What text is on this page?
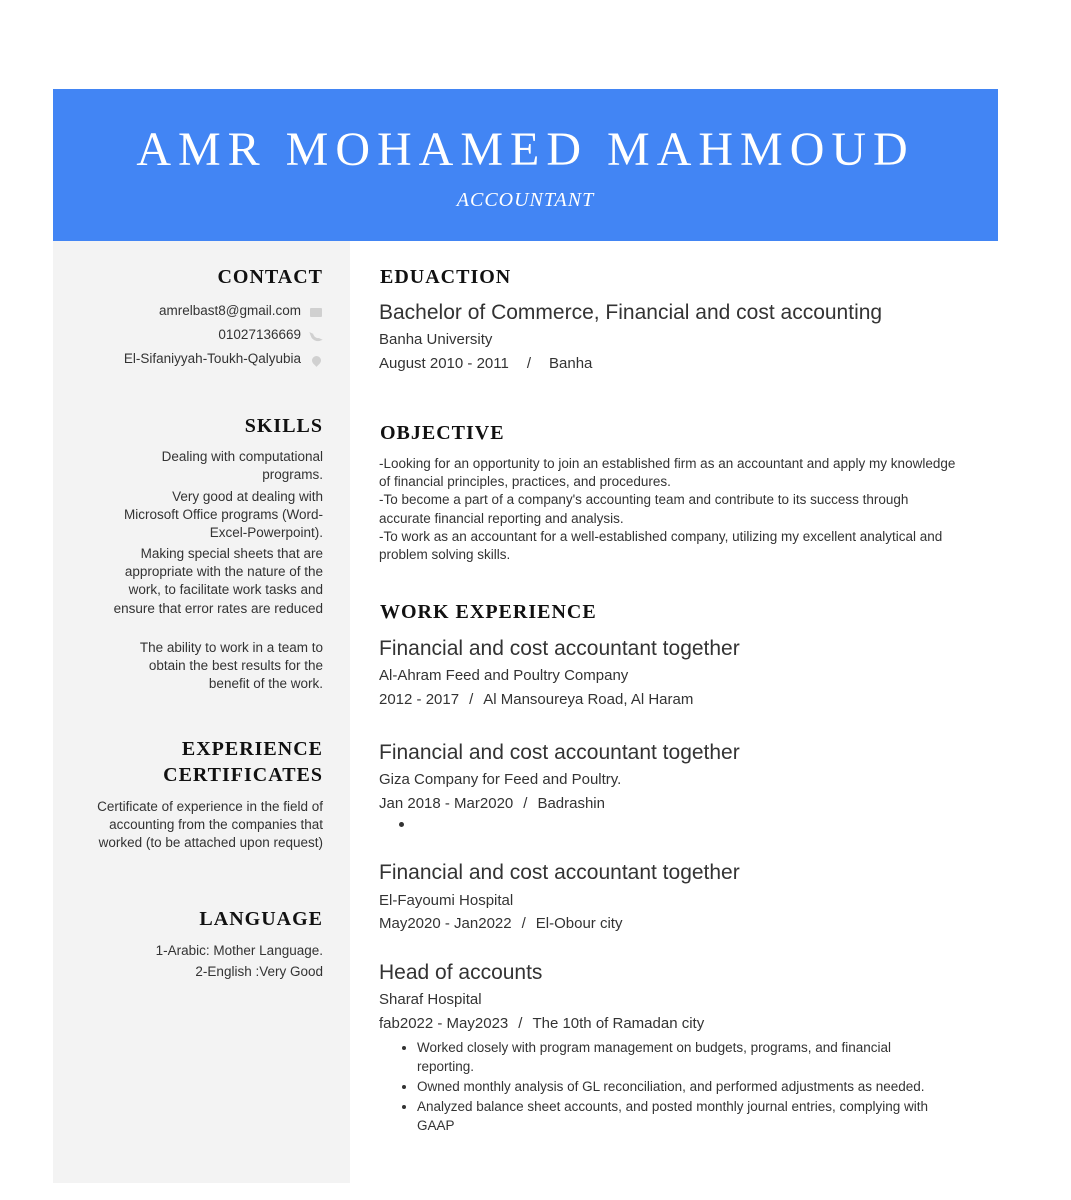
AMR MOHAMED MAHMOUD
ACCOUNTANT
CONTACT
amrelbast8@gmail.com
01027136669
El-Sifaniyyah-Toukh-Qalyubia
SKILLS
Dealing with computational programs.
Very good at dealing with Microsoft Office programs (Word-Excel-Powerpoint).
Making special sheets that are appropriate with the nature of the work, to facilitate work tasks and ensure that error rates are reduced
The ability to work in a team to obtain the best results for the benefit of the work.
EXPERIENCE
CERTIFICATES
Certificate of experience in the field of accounting from the companies that worked (to be attached upon request)
LANGUAGE
1-Arabic: Mother Language.
2-English :Very Good
EDUACTION
Bachelor of Commerce, Financial and cost accounting
Banha University
August 2010 - 2011 / Banha
OBJECTIVE
-Looking for an opportunity to join an established firm as an accountant and apply my knowledge of financial principles, practices, and procedures.
-To become a part of a company's accounting team and contribute to its success through accurate financial reporting and analysis.
-To work as an accountant for a well-established company, utilizing my excellent analytical and problem solving skills.
WORK EXPERIENCE
Financial and cost accountant together
Al-Ahram Feed and Poultry Company
2012 - 2017 / Al Mansoureya Road, Al Haram
Financial and cost accountant together
Giza Company for Feed and Poultry.
Jan 2018 - Mar2020 / Badrashin
Financial and cost accountant together
El-Fayoumi Hospital
May2020 - Jan2022 / El-Obour city
Head of accounts
Sharaf Hospital
fab2022 - May2023 / The 10th of Ramadan city
• Worked closely with program management on budgets, programs, and financial reporting.
• Owned monthly analysis of GL reconciliation, and performed adjustments as needed.
• Analyzed balance sheet accounts, and posted monthly journal entries, complying with GAAP
